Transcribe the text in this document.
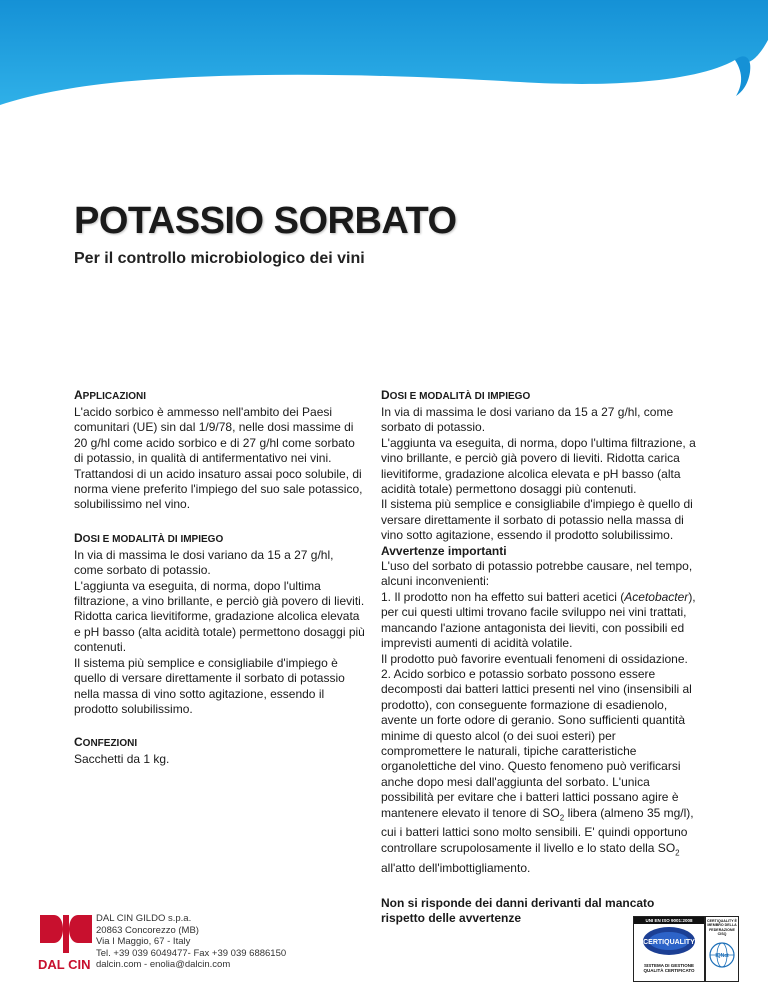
POTASSIO SORBATO
Per il controllo microbiologico dei vini
APPLICAZIONI

L'acido sorbico è ammesso nell'ambito dei Paesi comunitari (UE) sin dal 1/9/78, nelle dosi massime di 20 g/hl come acido sorbico e di 27 g/hl come sorbato di potassio, in qualità di antifermentativo nei vini. Trattandosi di un acido insaturo assai poco solubile, di norma viene preferito l'impiego del suo sale potassico, solubilissimo nel vino.

DOSI E MODALITÀ DI IMPIEGO

In via di massima le dosi variano da 15 a 27 g/hl, come sorbato di potassio.

L'aggiunta va eseguita, di norma, dopo l'ultima filtrazione, a vino brillante, e perciò già povero di lieviti. Ridotta carica lievitiforme, gradazione alcolica elevata e pH basso (alta acidità totale) permettono dosaggi più contenuti.

Il sistema più semplice e consigliabile d'impiego è quello di versare direttamente il sorbato di potassio nella massa di vino sotto agitazione, essendo il prodotto solubilissimo.

CONFEZIONI

Sacchetti da 1 kg.

DOSI E MODALITÀ DI IMPIEGO

In via di massima le dosi variano da 15 a 27 g/hl, come sorbato di potassio.

L'aggiunta va eseguita, di norma, dopo l'ultima filtrazione, a vino brillante, e perciò già povero di lieviti. Ridotta carica lievitiforme, gradazione alcolica elevata e pH basso (alta acidità totale) permettono dosaggi più contenuti.

Il sistema più semplice e consigliabile d'impiego è quello di versare direttamente il sorbato di potassio nella massa di vino sotto agitazione, essendo il prodotto solubilissimo.

Avvertenze importanti

L'uso del sorbato di potassio potrebbe causare, nel tempo, alcuni inconvenienti:

1. Il prodotto non ha effetto sui batteri acetici (Acetobacter), per cui questi ultimi trovano facile sviluppo nei vini trattati, mancando l'azione antagonista dei lieviti, con possibili ed imprevisti aumenti di acidità volatile.

Il prodotto può favorire eventuali fenomeni di ossidazione.

2. Acido sorbico e potassio sorbato possono essere decomposti dai batteri lattici presenti nel vino (insensibili al prodotto), con conseguente formazione di esadienolo, avente un forte odore di geranio. Sono sufficienti quantità minime di questo alcol (o dei suoi esteri) per compromettere le naturali, tipiche caratteristiche organolettiche del vino. Questo fenomeno può verificarsi anche dopo mesi dall'aggiunta del sorbato. L'unica possibilità per evitare che i batteri lattici possano agire è mantenere elevato il tenore di $SO_2$ libera (almeno 35 mg/l), cui i batteri lattici sono molto sensibili. E' quindi opportuno controllare scrupolosamente il livello e lo stato della $SO_2$ all'atto dell'imbottigliamento.

Non si risponde dei danni derivanti dal mancato rispetto delle avvertenze

DAL CIN
DAL CIN GILDO s.p.a.
20863 Concorezzo (MB)
Via I Maggio, 67 - Italy
Tel. +39 039 6049477- Fax +39 039 6886150
dalcin.com - enolia@dalcin.com
UNI EN ISO 9001:2008
CERTIQUALITY
SISTEMA DI GESTIONE QUALITÀ CERTIFICATO
CERTIQUALITY È MEMBRO DELLA FEDERAZIONE CISQ
IQNet
